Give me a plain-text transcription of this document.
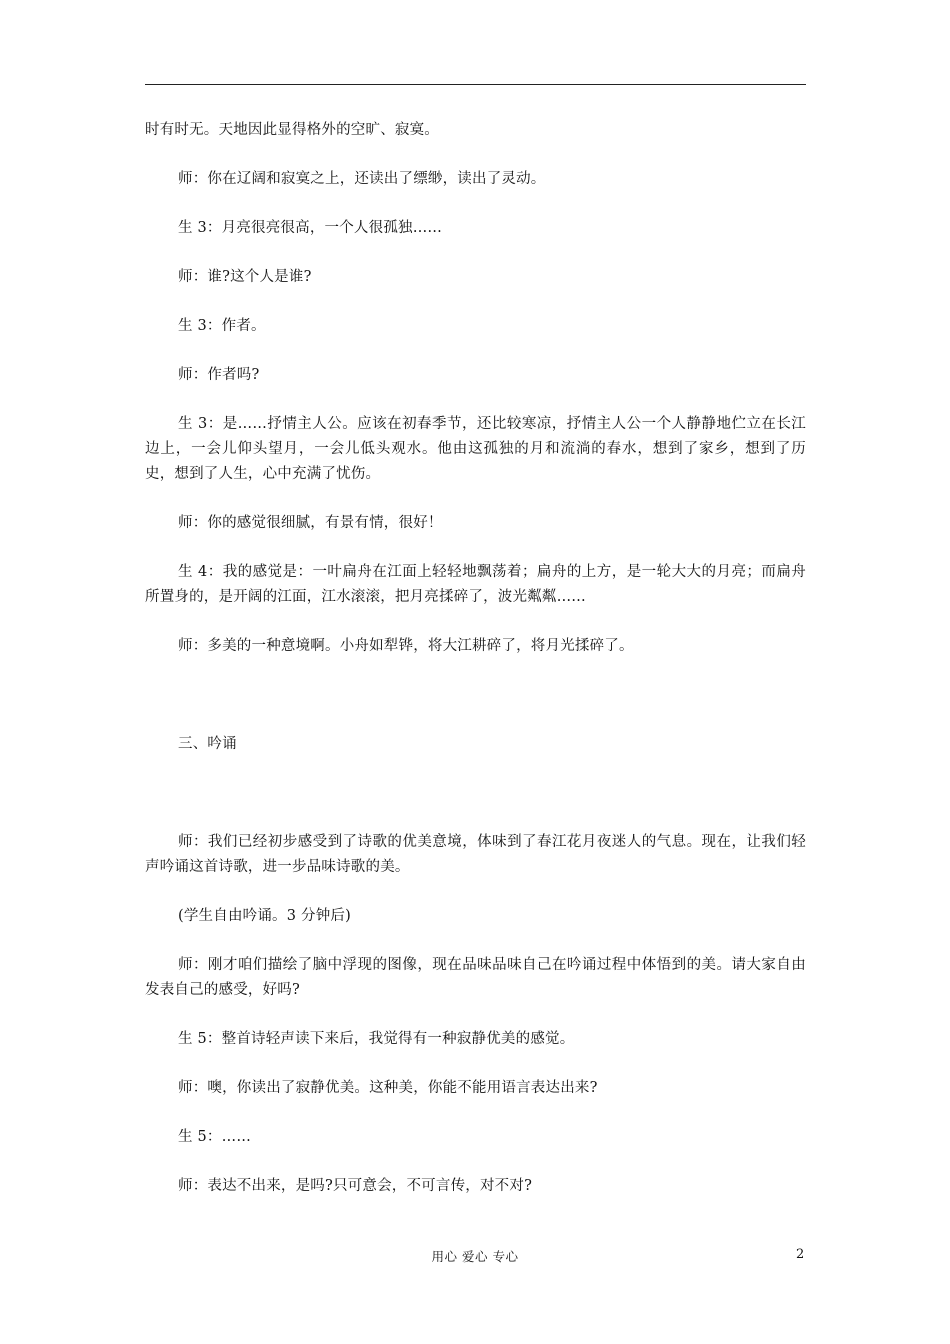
时有时无。天地因此显得格外的空旷、寂寞。

师：你在辽阔和寂寞之上，还读出了缥缈，读出了灵动。

生 3：月亮很亮很高，一个人很孤独……

师：谁?这个人是谁?

生 3：作者。

师：作者吗?

生 3：是……抒情主人公。应该在初春季节，还比较寒凉，抒情主人公一个人静静地伫立在长江边上，一会儿仰头望月，一会儿低头观水。他由这孤独的月和流淌的春水，想到了家乡，想到了历史，想到了人生，心中充满了忧伤。

师：你的感觉很细腻，有景有情，很好！

生 4：我的感觉是：一叶扁舟在江面上轻轻地飘荡着；扁舟的上方，是一轮大大的月亮；而扁舟所置身的，是开阔的江面，江水滚滚，把月亮揉碎了，波光粼粼……

师：多美的一种意境啊。小舟如犁铧，将大江耕碎了，将月光揉碎了。

三、吟诵

师：我们已经初步感受到了诗歌的优美意境，体味到了春江花月夜迷人的气息。现在，让我们轻声吟诵这首诗歌，进一步品味诗歌的美。

(学生自由吟诵。3 分钟后)

师：刚才咱们描绘了脑中浮现的图像，现在品味品味自己在吟诵过程中体悟到的美。请大家自由发表自己的感受，好吗?

生 5：整首诗轻声读下来后，我觉得有一种寂静优美的感觉。

师：噢，你读出了寂静优美。这种美，你能不能用语言表达出来?

生 5：……

师：表达不出来，是吗?只可意会，不可言传，对不对?

用心 爱心 专心	2
